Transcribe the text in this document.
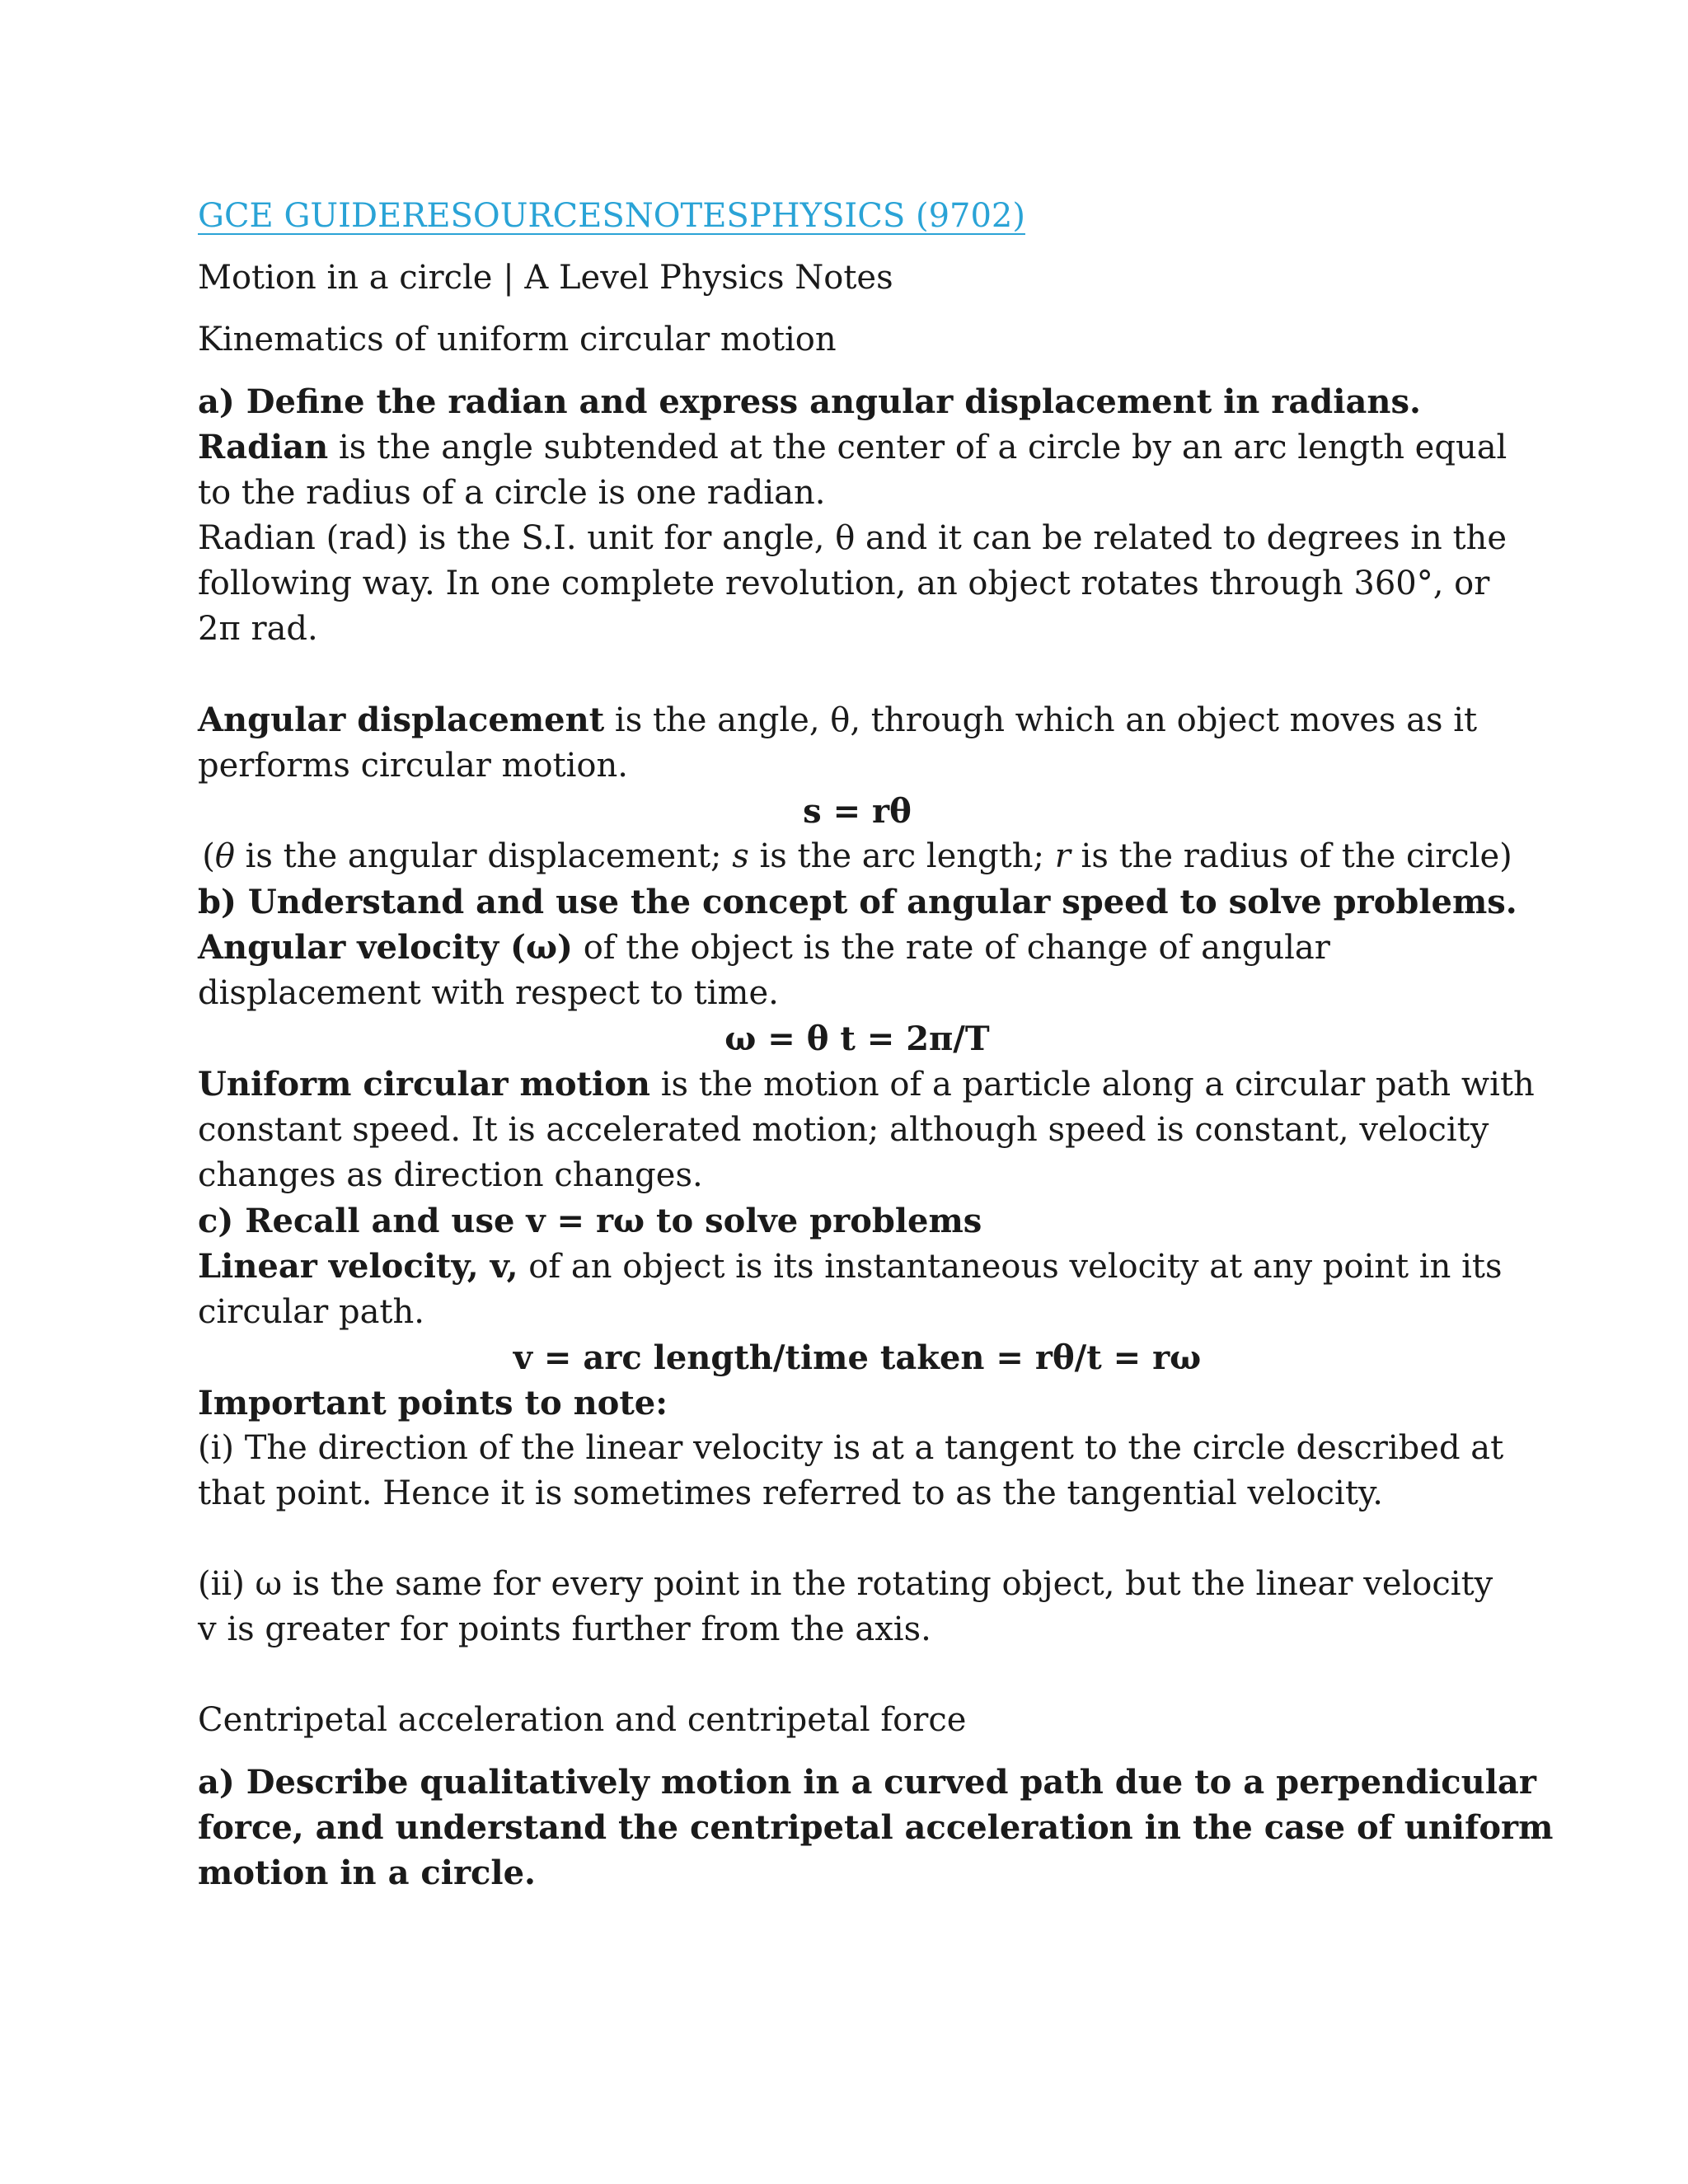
GCE GUIDERESOURCESNOTESPHYSICS (9702)

Motion in a circle | A Level Physics Notes

Kinematics of uniform circular motion

a) Define the radian and express angular displacement in radians.

Radian is the angle subtended at the center of a circle by an arc length equal

to the radius of a circle is one radian.

Radian (rad) is the S.I. unit for angle, θ and it can be related to degrees in the

following way. In one complete revolution, an object rotates through 360°, or

2π rad.

Angular displacement is the angle, θ, through which an object moves as it

performs circular motion.

s = rθ

(θ is the angular displacement; s is the arc length; r is the radius of the circle)

b) Understand and use the concept of angular speed to solve problems.

Angular velocity (ω) of the object is the rate of change of angular

displacement with respect to time.

ω = θ t = 2π/T

Uniform circular motion is the motion of a particle along a circular path with

constant speed. It is accelerated motion; although speed is constant, velocity

changes as direction changes.

c) Recall and use v = rω to solve problems

Linear velocity, v, of an object is its instantaneous velocity at any point in its

circular path.

v = arc length/time taken = rθ/t = rω

Important points to note:

(i) The direction of the linear velocity is at a tangent to the circle described at

that point. Hence it is sometimes referred to as the tangential velocity.

(ii) ω is the same for every point in the rotating object, but the linear velocity

v is greater for points further from the axis.

Centripetal acceleration and centripetal force

a) Describe qualitatively motion in a curved path due to a perpendicular

force, and understand the centripetal acceleration in the case of uniform

motion in a circle.
